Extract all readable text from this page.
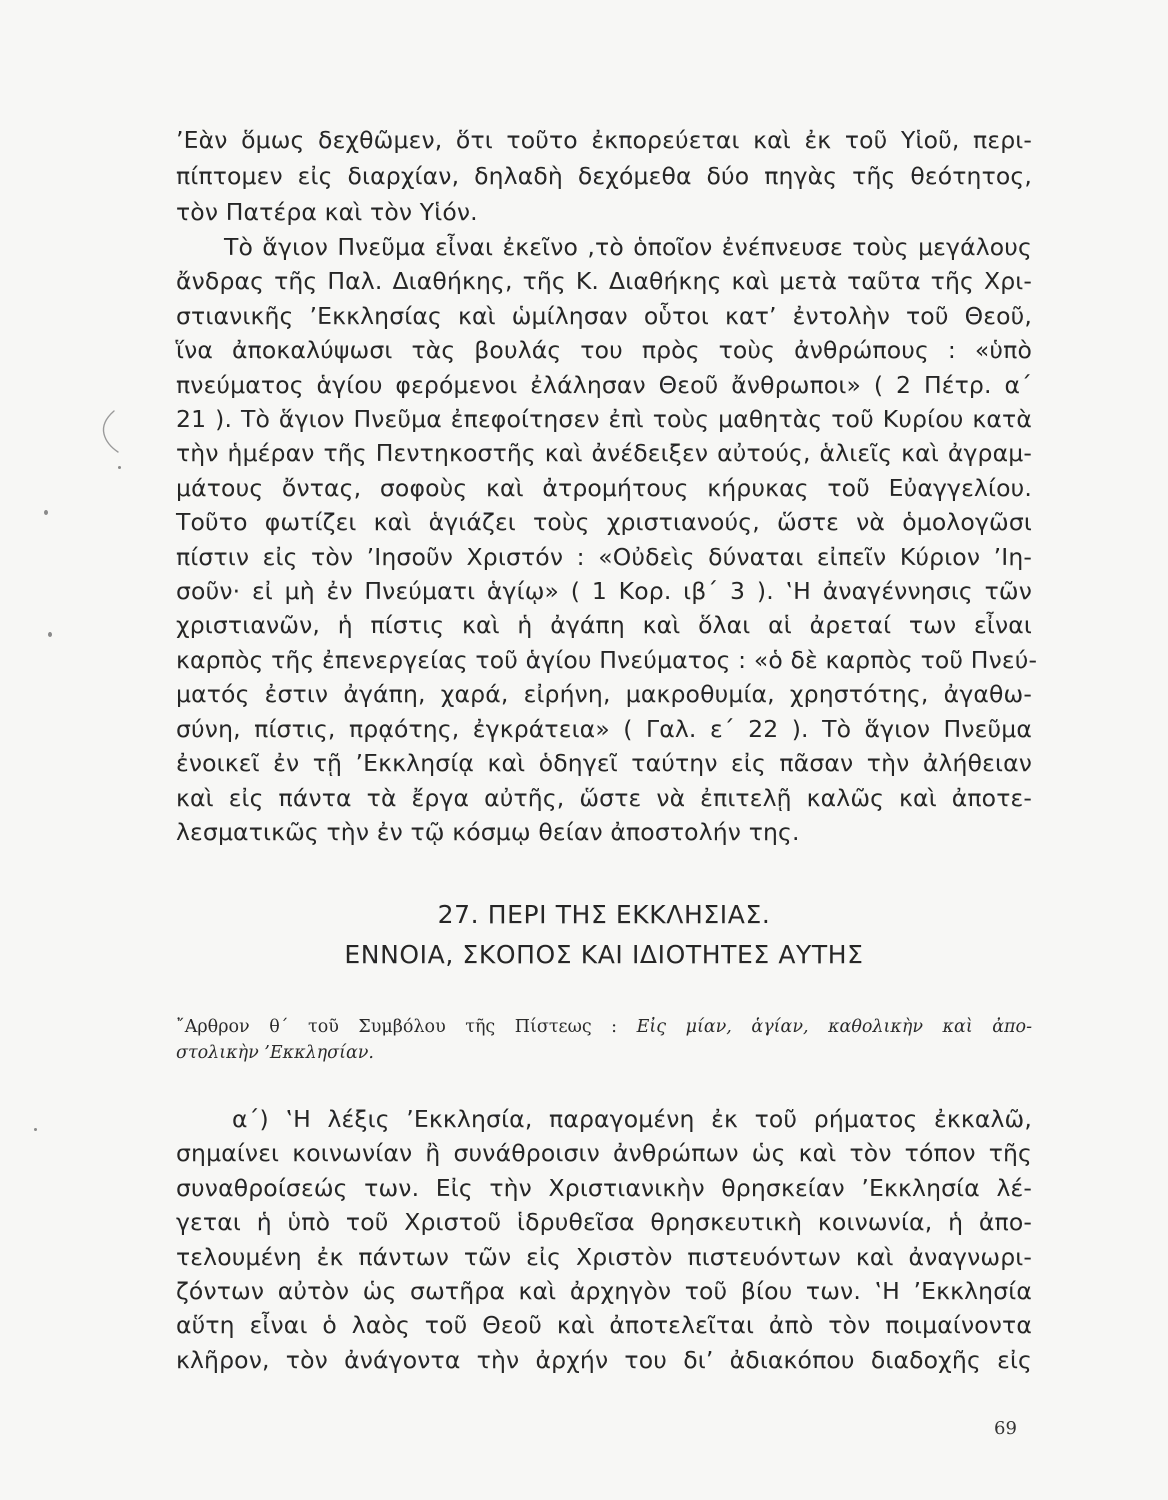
’Εὰν ὅμως δεχθῶμεν, ὅτι τοῦτο ἐκπορεύεται καὶ ἐκ τοῦ Υἱοῦ, περι-
πίπτομεν εἰς διαρχίαν, δηλαδὴ δεχόμεθα δύο πηγὰς τῆς θεότητος,
τὸν Πατέρα καὶ τὸν Υἱόν.
Τὸ ἅγιον Πνεῦμα εἶναι ἐκεῖνο ,τὸ ὁποῖον ἐνέπνευσε τοὺς μεγάλους
ἄνδρας τῆς Παλ. Διαθήκης, τῆς Κ. Διαθήκης καὶ μετὰ ταῦτα τῆς Χρι-
στιανικῆς ’Εκκλησίας καὶ ὡμίλησαν οὗτοι κατ’ ἐντολὴν τοῦ Θεοῦ,
ἵνα ἀποκαλύψωσι τὰς βουλάς του πρὸς τοὺς ἀνθρώπους : «ὑπὸ
πνεύματος ἁγίου φερόμενοι ἐλάλησαν Θεοῦ ἄνθρωποι» ( 2 Πέτρ. α΄
21 ). Τὸ ἅγιον Πνεῦμα ἐπεφοίτησεν ἐπὶ τοὺς μαθητὰς τοῦ Κυρίου κατὰ
τὴν ἡμέραν τῆς Πεντηκοστῆς καὶ ἀνέδειξεν αὐτούς, ἁλιεῖς καὶ ἀγραμ-
μάτους ὄντας, σοφοὺς καὶ ἀτρομήτους κήρυκας τοῦ Εὐαγγελίου.
Τοῦτο φωτίζει καὶ ἁγιάζει τοὺς χριστιανούς, ὥστε νὰ ὁμολογῶσι
πίστιν εἰς τὸν ’Ιησοῦν Χριστόν : «Οὐδεὶς δύναται εἰπεῖν Κύριον ’Ιη-
σοῦν· εἰ μὴ ἐν Πνεύματι ἁγίῳ» ( 1 Κορ. ιβ΄ 3 ). ‛Η ἀναγέννησις τῶν
χριστιανῶν, ἡ πίστις καὶ ἡ ἀγάπη καὶ ὅλαι αἱ ἀρεταί των εἶναι
καρπὸς τῆς ἐπενεργείας τοῦ ἁγίου Πνεύματος : «ὁ δὲ καρπὸς τοῦ Πνεύ-
ματός ἐστιν ἀγάπη, χαρά, εἰρήνη, μακροθυμία, χρηστότης, ἀγαθω-
σύνη, πίστις, πρᾳότης, ἐγκράτεια» ( Γαλ. ε΄ 22 ). Τὸ ἅγιον Πνεῦμα
ἐνοικεῖ ἐν τῇ ’Εκκλησίᾳ καὶ ὁδηγεῖ ταύτην εἰς πᾶσαν τὴν ἀλήθειαν
καὶ εἰς πάντα τὰ ἔργα αὐτῆς, ὥστε νὰ ἐπιτελῇ καλῶς καὶ ἀποτε-
λεσματικῶς τὴν ἐν τῷ κόσμῳ θείαν ἀποστολήν της.
27. ΠΕΡΙ ΤΗΣ ΕΚΚΛΗΣΙΑΣ.
ΕΝΝΟΙΑ, ΣΚΟΠΟΣ ΚΑΙ ΙΔΙΟΤΗΤΕΣ ΑΥΤΗΣ
῎Αρθρον θ΄ τοῦ Συμβόλου τῆς Πίστεως : Εἰς μίαν, ἁγίαν, καθολικὴν καὶ ἀπο-
στολικὴν ’Εκκλησίαν.
α΄) ‛Η λέξις ’Εκκλησία, παραγομένη ἐκ τοῦ ρήματος ἐκκαλῶ,
σημαίνει κοινωνίαν ἢ συνάθροισιν ἀνθρώπων ὡς καὶ τὸν τόπον τῆς
συναθροίσεώς των. Εἰς τὴν Χριστιανικὴν θρησκείαν ’Εκκλησία λέ-
γεται ἡ ὑπὸ τοῦ Χριστοῦ ἱδρυθεῖσα θρησκευτικὴ κοινωνία, ἡ ἀπο-
τελουμένη ἐκ πάντων τῶν εἰς Χριστὸν πιστευόντων καὶ ἀναγνωρι-
ζόντων αὐτὸν ὡς σωτῆρα καὶ ἀρχηγὸν τοῦ βίου των. ‛Η ’Εκκλησία
αὕτη εἶναι ὁ λαὸς τοῦ Θεοῦ καὶ ἀποτελεῖται ἀπὸ τὸν ποιμαίνοντα
κλῆρον, τὸν ἀνάγοντα τὴν ἀρχήν του δι’ ἀδιακόπου διαδοχῆς εἰς
69
